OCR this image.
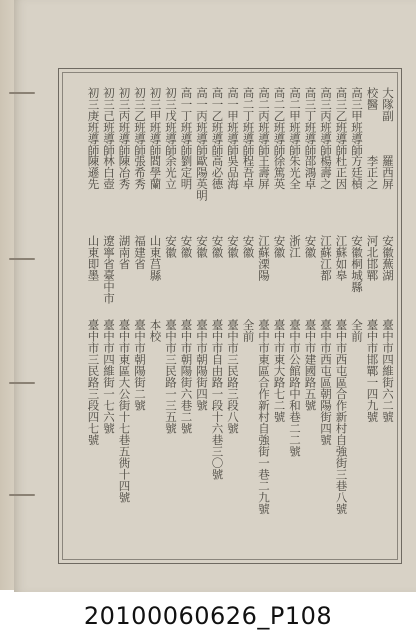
大隊副
羅西屏
安徽蕪湖
臺中市四維街六二號
校醫
李正之
河北邯鄲
臺中市邯鄲一四九號
高三甲班導師
方廷楨
安徽桐城縣
全前
高三乙班導師
杜正因
江蘇如皋
臺中市西屯區合作新村自強街三巷八號
高三丙班導師
楊壽之
江蘇江都
臺中市西屯區朝陽街四號
高三丁班導師
邵鴻卓
安徽
臺中市建國路五號
高二甲班導師
朱光全
浙江
臺中市公館路中和巷二二號
高二乙班導師
徐篤英
安徽
臺中市東大路七二號
高二丙班導師
王壽屏
江蘇溧陽
臺中市東區合作新村自強街一巷二九號
高二丁班導師
程吾卓
安徽
全前
高一甲班導師
吳品海
安徽
臺中市三民路三段八號
高一乙班導師
高必德
安徽
臺中市自由路一段十六巷三〇號
高一丙班導師
歐陽英明
安徽
臺中市朝陽街四號
高一丁班導師
劉定明
安徽
臺中市朝陽街六巷二號
初三戊班導師
余光立
安徽
臺中市三民路一三五號
初三甲班導師
閻學蘭
山東莒縣
本校
初三乙班導師
張希秀
福建省
臺中市朝陽街二號
初三丙班導師
陳冶秀
湖南省
臺中市東區大公街十七巷五衖十四號
初三己班導師
林白壺
遼寧省臺中市
臺中市四維街一七六號
初三庚班導師
陳遜先
山東即墨
臺中市三民路三段四七號
20100060626_P108
